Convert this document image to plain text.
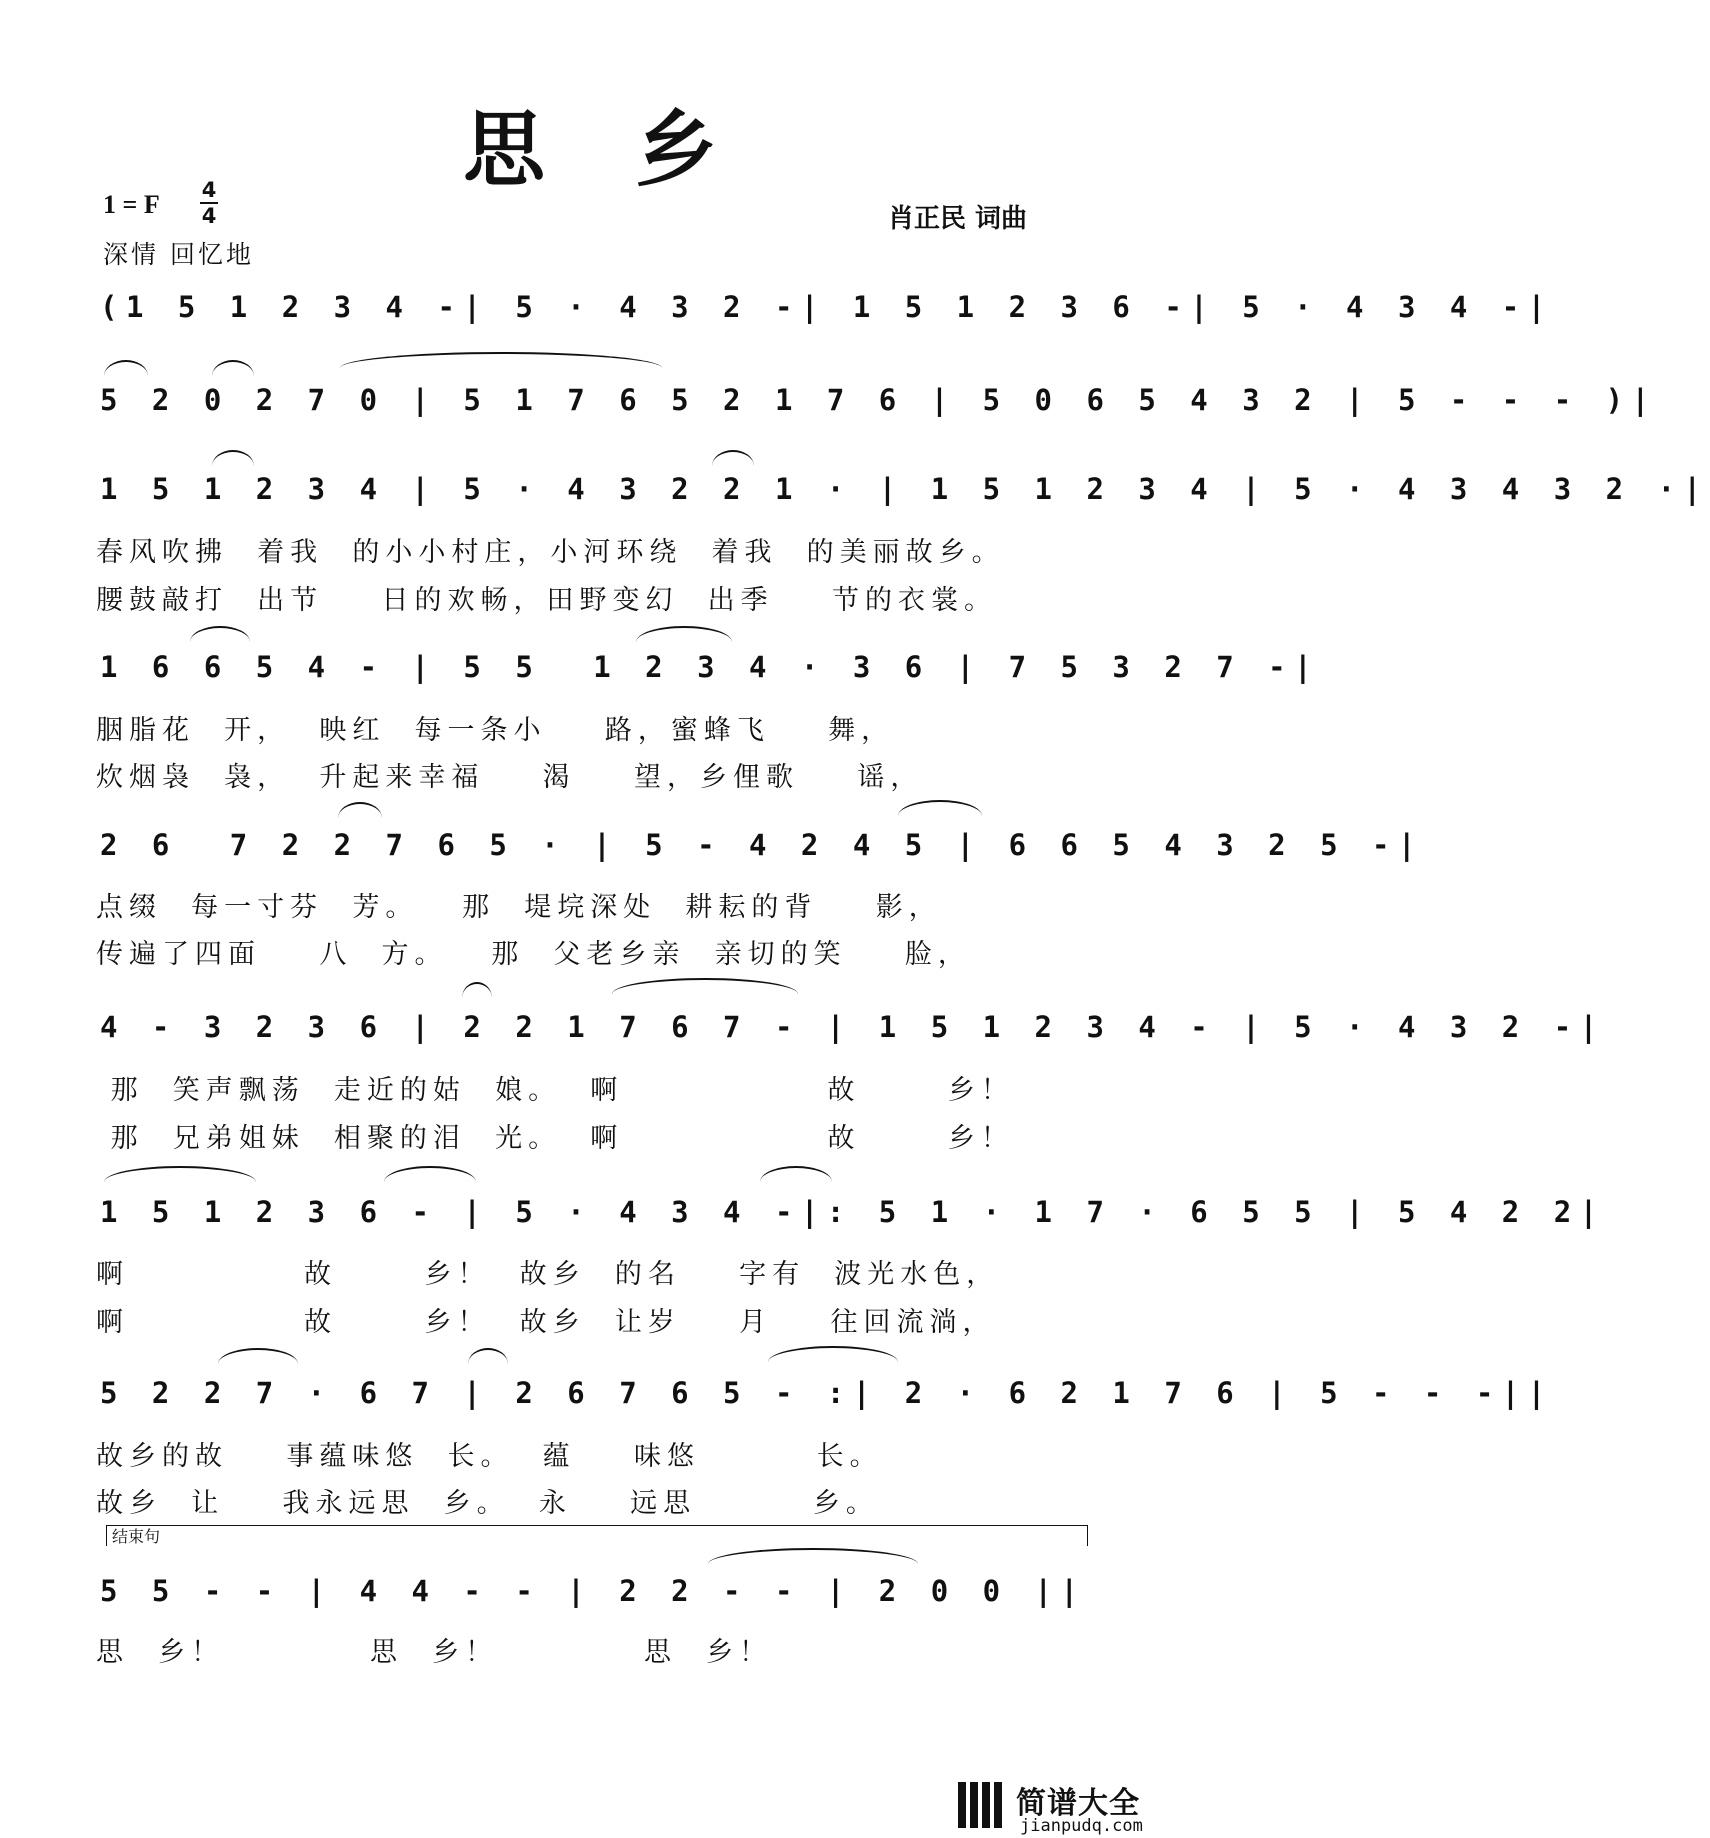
思乡
1 = F 4
4
深情 回忆地
肖正民 词曲
(1 5 1 2 3 4 -| 5 · 4 3 2 -| 1 5 1 2 3 6 -| 5 · 4 3 4 -|
5 2 0 2 7 0 | 5 1 7 6 5 2 1 7 6 | 5 0 6 5 4 3 2 | 5 - - - )|
1 5 1 2 3 4 | 5 · 4 3 2 2 1 · | 1 5 1 2 3 4 | 5 · 4 3 4 3 2 ·|
春风吹拂  着我  的小小村庄，小河环绕  着我  的美丽故乡。
腰鼓敲打  出节    日的欢畅，田野变幻  出季    节的衣裳。
1 6 6 5 4 - | 5 5  1 2 3 4 · 3 6 | 7 5 3 2 7 -|
胭脂花  开，  映红  每一条小    路，蜜蜂飞    舞，
炊烟袅  袅，  升起来幸福    渴    望，乡俚歌    谣，
2 6  7 2 2 7 6 5 · | 5 - 4 2 4 5 | 6 6 5 4 3 2 5 -|
点缀  每一寸芬  芳。   那  堤垸深处  耕耘的背    影，
传遍了四面    八  方。   那  父老乡亲  亲切的笑    脸，
4 - 3 2 3 6 | 2 2 1 7 6 7 - | 1 5 1 2 3 4 - | 5 · 4 3 2 -|
那  笑声飘荡  走近的姑  娘。  啊              故      乡！
那  兄弟姐妹  相聚的泪  光。  啊              故      乡！
1 5 1 2 3 6 - | 5 · 4 3 4 -|: 5 1 · 1 7 · 6 5 5 | 5 4 2 2|
啊            故      乡！  故乡  的名    字有  波光水色，
啊            故      乡！  故乡  让岁    月    往回流淌，
5 2 2 7 · 6 7 | 2 6 7 6 5 - :| 2 · 6 2 1 7 6 | 5 - - -||
故乡的故    事蕴味悠  长。  蕴    味悠        长。
故乡  让    我永远思  乡。  永    远思        乡。
结束句
5 5 - - | 4 4 - - | 2 2 - - | 2 0 0 ||
思  乡！          思  乡！          思  乡！
简谱大全
jianpudq.com
